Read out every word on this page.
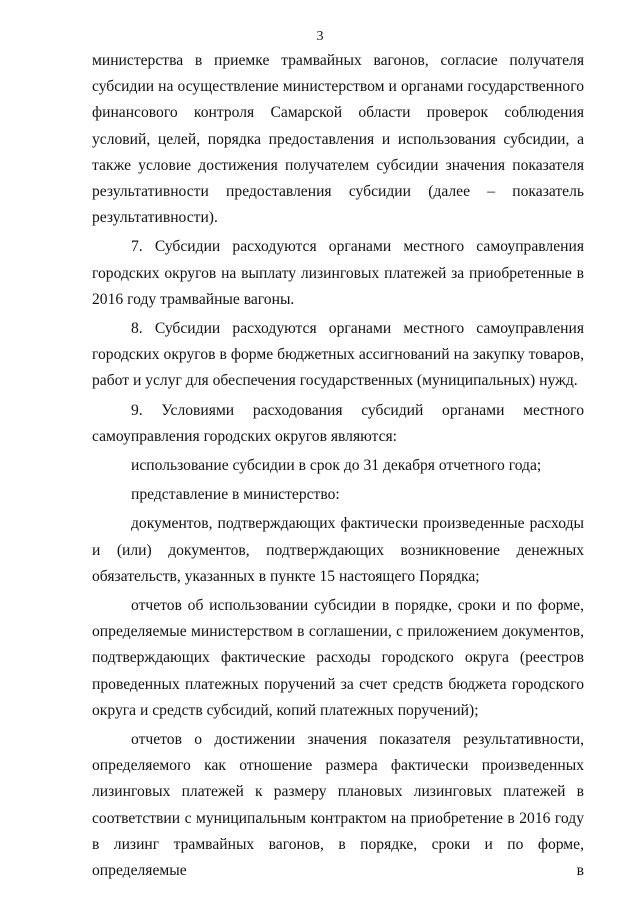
3

министерства в приемке трамвайных вагонов, согласие получателя субсидии на осуществление министерством и органами государственного финансового контроля Самарской области проверок соблюдения условий, целей, порядка предоставления и использования субсидии, а также условие достижения получателем субсидии значения показателя результативности предоставления субсидии (далее – показатель результативности).

7. Субсидии расходуются органами местного самоуправления городских округов на выплату лизинговых платежей за приобретенные в 2016 году трамвайные вагоны.

8. Субсидии расходуются органами местного самоуправления городских округов в форме бюджетных ассигнований на закупку товаров, работ и услуг для обеспечения государственных (муниципальных) нужд.

9. Условиями расходования субсидий органами местного самоуправления городских округов являются:

использование субсидии в срок до 31 декабря отчетного года;

представление в министерство:

документов, подтверждающих фактически произведенные расходы и (или) документов, подтверждающих возникновение денежных обязательств, указанных в пункте 15 настоящего Порядка;

отчетов об использовании субсидии в порядке, сроки и по форме, определяемые министерством в соглашении, с приложением документов, подтверждающих фактические расходы городского округа (реестров проведенных платежных поручений за счет средств бюджета городского округа и средств субсидий, копий платежных поручений);

отчетов о достижении значения показателя результативности, определяемого как отношение размера фактически произведенных лизинговых платежей к размеру плановых лизинговых платежей в соответствии с муниципальным контрактом на приобретение в 2016 году в лизинг трамвайных вагонов, в порядке, сроки и по форме, определяемые в
